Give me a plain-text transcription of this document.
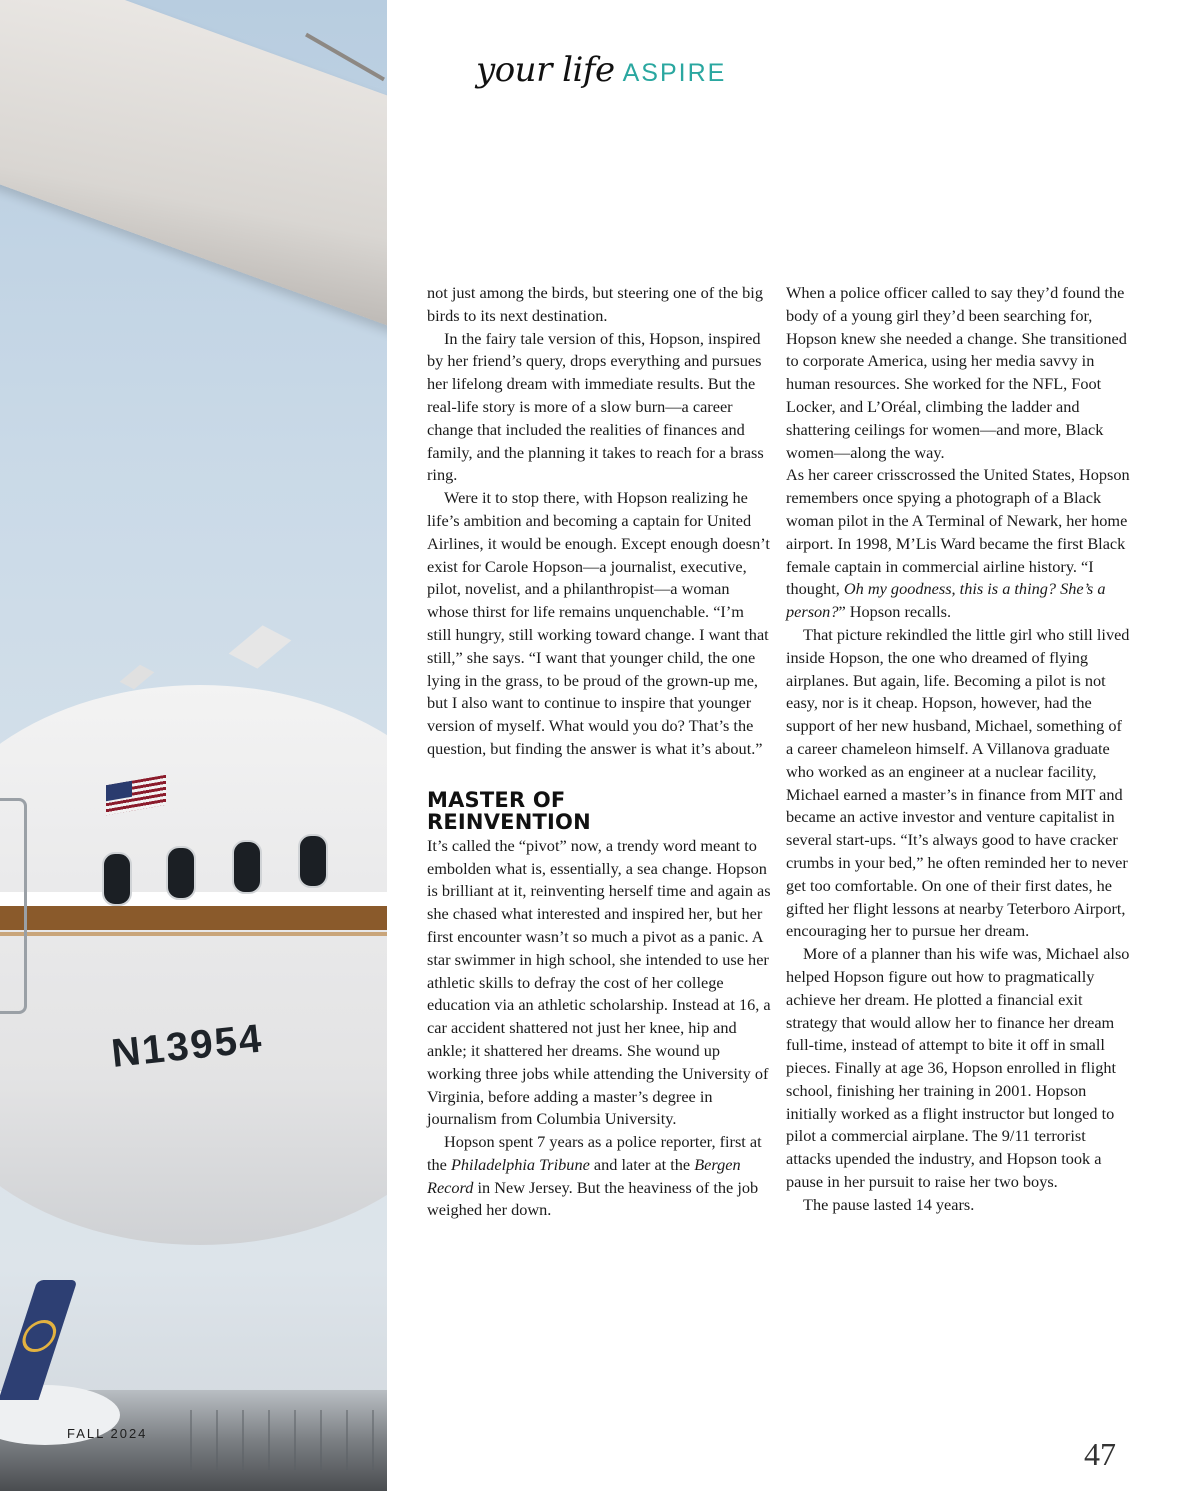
N13954
FALL 2024
your life ASPIRE

not just among the birds, but steering one of the big birds to its next destination.

In the fairy tale version of this, Hopson, inspired by her friend’s query, drops everything and pursues her lifelong dream with immediate results. But the real-life story is more of a slow burn—a career change that included the realities of finances and family, and the planning it takes to reach for a brass ring.

Were it to stop there, with Hopson realizing he life’s ambition and becoming a captain for United Airlines, it would be enough. Except enough doesn’t exist for Carole Hopson—a journalist, executive, pilot, novelist, and a philanthropist—a woman whose thirst for life remains unquenchable. “I’m still hungry, still working toward change. I want that still,” she says. “I want that younger child, the one lying in the grass, to be proud of the grown-up me, but I also want to continue to inspire that younger version of myself. What would you do? That’s the question, but finding the answer is what it’s about.”

MASTER OF
REINVENTION

It’s called the “pivot” now, a trendy word meant to embolden what is, essentially, a sea change. Hopson is brilliant at it, reinventing herself time and again as she chased what interested and inspired her, but her first encounter wasn’t so much a pivot as a panic. A star swimmer in high school, she intended to use her athletic skills to defray the cost of her college education via an athletic scholarship. Instead at 16, a car accident shattered not just her knee, hip and ankle; it shattered her dreams. She wound up working three jobs while attending the University of Virginia, before adding a master’s degree in journalism from Columbia University.

Hopson spent 7 years as a police reporter, first at the Philadelphia Tribune and later at the Bergen Record in New Jersey. But the heaviness of the job weighed her down.

When a police officer called to say they’d found the body of a young girl they’d been searching for, Hopson knew she needed a change. She transitioned to corporate America, using her media savvy in human resources. She worked for the NFL, Foot Locker, and L’Oréal, climbing the ladder and shattering ceilings for women—and more, Black women—along the way.

As her career crisscrossed the United States, Hopson remembers once spying a photograph of a Black woman pilot in the A Terminal of Newark, her home airport. In 1998, M’Lis Ward became the first Black female captain in commercial airline history. “I thought, Oh my goodness, this is a thing? She’s a person?” Hopson recalls.

That picture rekindled the little girl who still lived inside Hopson, the one who dreamed of flying airplanes. But again, life. Becoming a pilot is not easy, nor is it cheap. Hopson, however, had the support of her new husband, Michael, something of a career chameleon himself. A Villanova graduate who worked as an engineer at a nuclear facility, Michael earned a master’s in finance from MIT and became an active investor and venture capitalist in several start-ups. “It’s always good to have cracker crumbs in your bed,” he often reminded her to never get too comfortable. On one of their first dates, he gifted her flight lessons at nearby Teterboro Airport, encouraging her to pursue her dream.

More of a planner than his wife was, Michael also helped Hopson figure out how to pragmatically achieve her dream. He plotted a financial exit strategy that would allow her to finance her dream full-time, instead of attempt to bite it off in small pieces. Finally at age 36, Hopson enrolled in flight school, finishing her training in 2001. Hopson initially worked as a flight instructor but longed to pilot a commercial airplane. The 9/11 terrorist attacks upended the industry, and Hopson took a pause in her pursuit to raise her two boys.

The pause lasted 14 years.

47
